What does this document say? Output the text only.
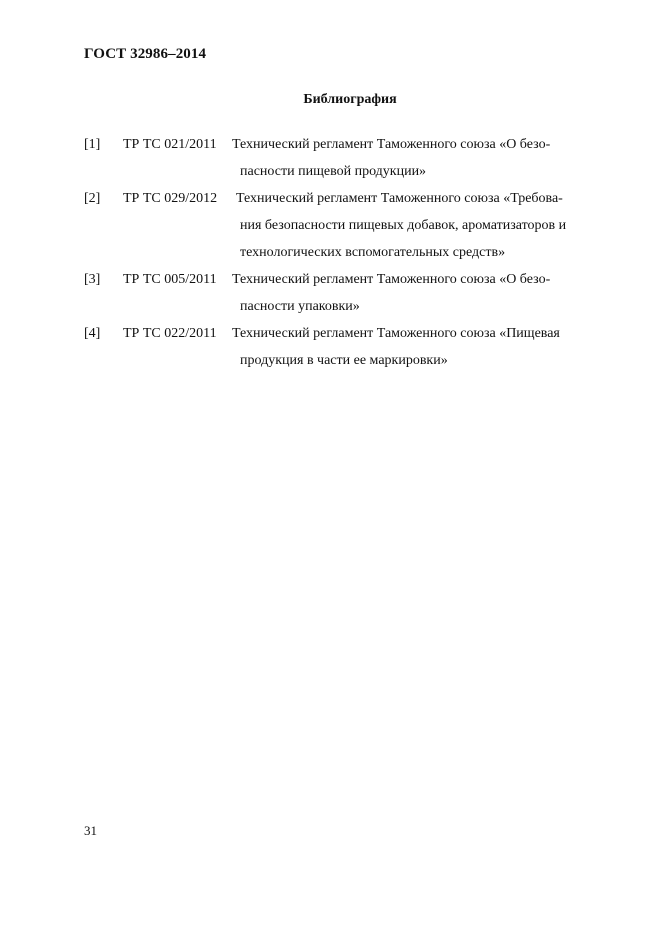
ГОСТ 32986–2014
Библиография
[1] ТР ТС 021/2011 Технический регламент Таможенного союза «О безо-
пасности пищевой продукции»
[2] ТР ТС 029/2012 Технический регламент Таможенного союза «Требова-
ния безопасности пищевых добавок, ароматизаторов и
технологических вспомогательных средств»
[3] ТР ТС 005/2011 Технический регламент Таможенного союза «О безо-
пасности упаковки»
[4] ТР ТС 022/2011 Технический регламент Таможенного союза «Пищевая
продукция в части ее маркировки»
31
